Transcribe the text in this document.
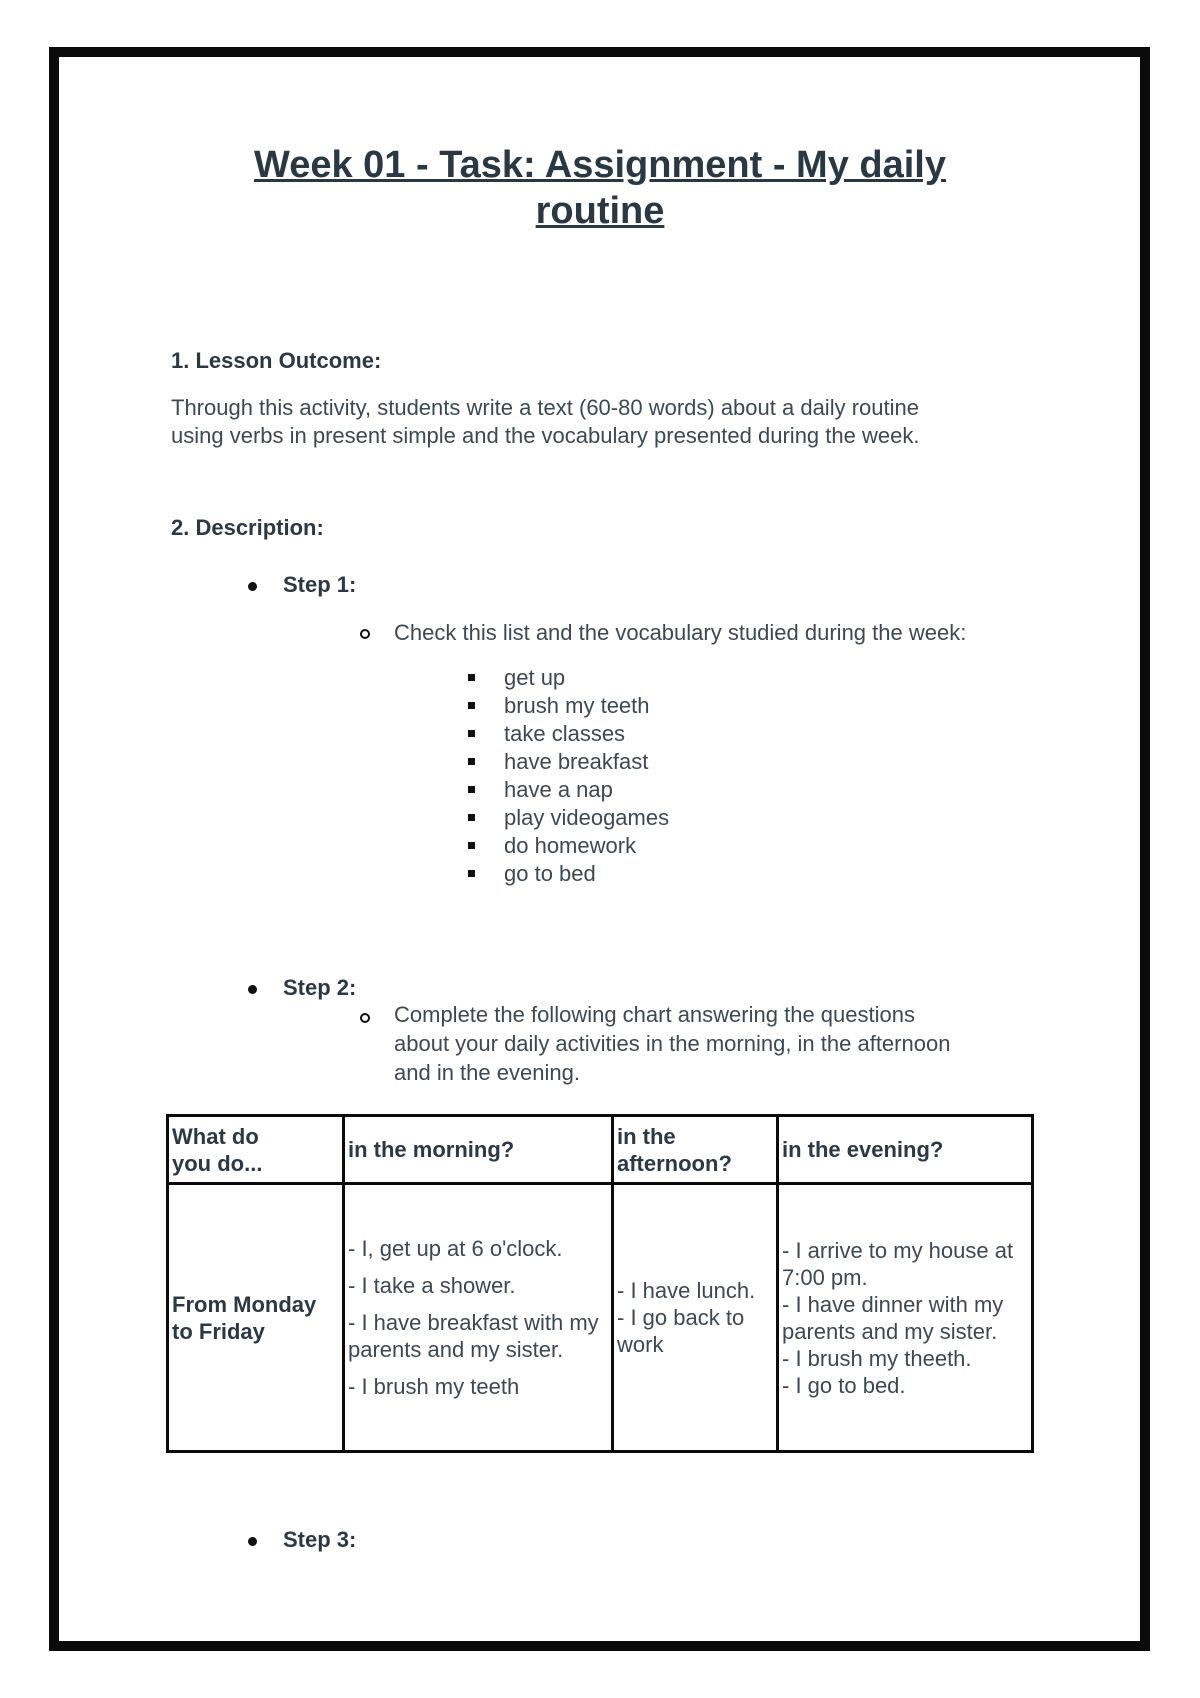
Week 01 - Task: Assignment - My daily
routine
1. Lesson Outcome:
Through this activity, students write a text (60-80 words) about a daily routine
using verbs in present simple and the vocabulary presented during the week.
2. Description:
Step 1:
Check this list and the vocabulary studied during the week:
get up
brush my teeth
take classes
have breakfast
have a nap
play videogames
do homework
go to bed
Step 2:
Complete the following chart answering the questions
about your daily activities in the morning, in the afternoon
and in the evening.
What do
you do...	in the morning?	in the
afternoon?	in the evening?

From Monday
to Friday	- I, get up at 6 o'clock.
- I take a shower.
- I have breakfast with my parents and my sister.
- I brush my teeth	- I have lunch.
- I go back to work	- I arrive to my house at 7:00 pm.
- I have dinner with my parents and my sister.
- I brush my theeth.
- I go to bed.
Step 3:
